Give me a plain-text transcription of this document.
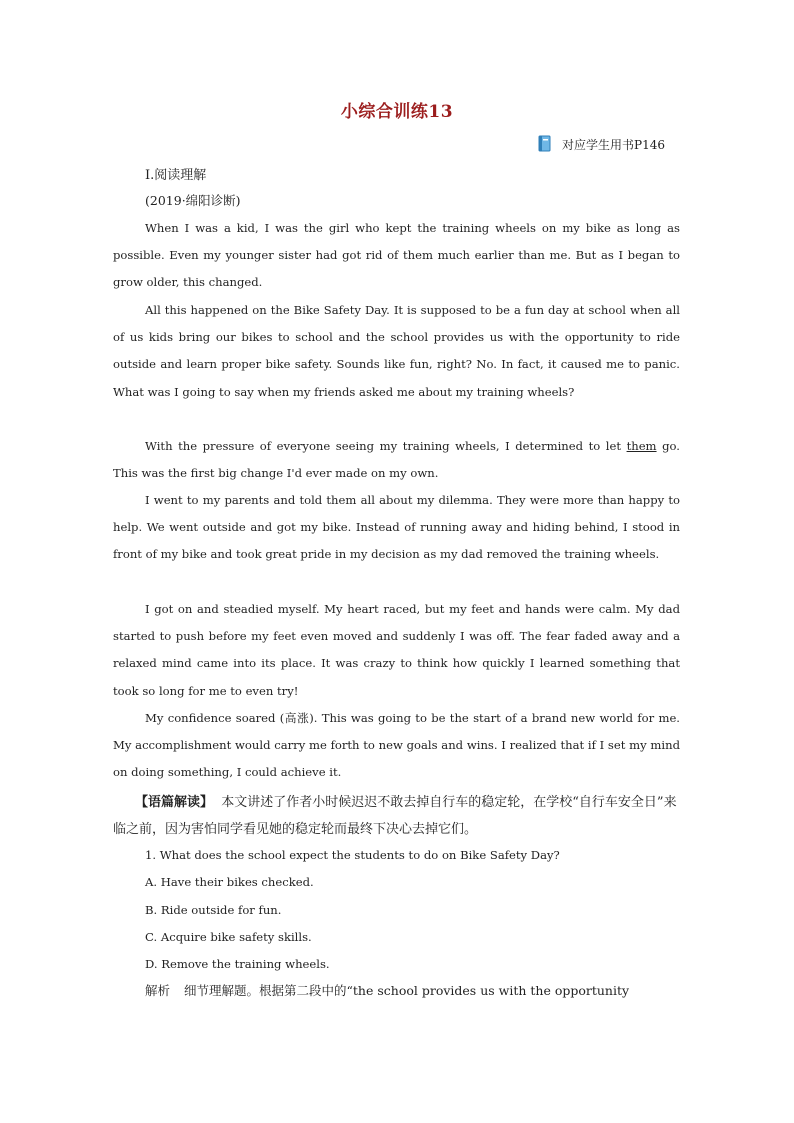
小综合训练13
对应学生用书P146
Ⅰ.阅读理解
(2019·绵阳诊断)

When I was a kid, I was the girl who kept the training wheels on my bike as long as possible. Even my younger sister had got rid of them much earlier than me. But as I began to grow older, this changed.

All this happened on the Bike Safety Day. It is supposed to be a fun day at school when all of us kids bring our bikes to school and the school provides us with the opportunity to ride outside and learn proper bike safety. Sounds like fun, right? No. In fact, it caused me to panic. What was I going to say when my friends asked me about my training wheels?

With the pressure of everyone seeing my training wheels, I determined to let them go. This was the first big change I'd ever made on my own.

I went to my parents and told them all about my dilemma. They were more than happy to help. We went outside and got my bike. Instead of running away and hiding behind, I stood in front of my bike and took great pride in my decision as my dad removed the training wheels.

I got on and steadied myself. My heart raced, but my feet and hands were calm. My dad started to push before my feet even moved and suddenly I was off. The fear faded away and a relaxed mind came into its place. It was crazy to think how quickly I learned something that took so long for me to even try!

My confidence soared (高涨). This was going to be the start of a brand new world for me. My accomplishment would carry me forth to new goals and wins. I realized that if I set my mind on doing something, I could achieve it.

【语篇解读】 本文讲述了作者小时候迟迟不敢去掉自行车的稳定轮，在学校“自行车安全日”来临之前，因为害怕同学看见她的稳定轮而最终下决心去掉它们。

1. What does the school expect the students to do on Bike Safety Day?

A. Have their bikes checked.

B. Ride outside for fun.

C. Acquire bike safety skills.

D. Remove the training wheels.

解析 细节理解题。根据第二段中的“the school provides us with the opportunity
